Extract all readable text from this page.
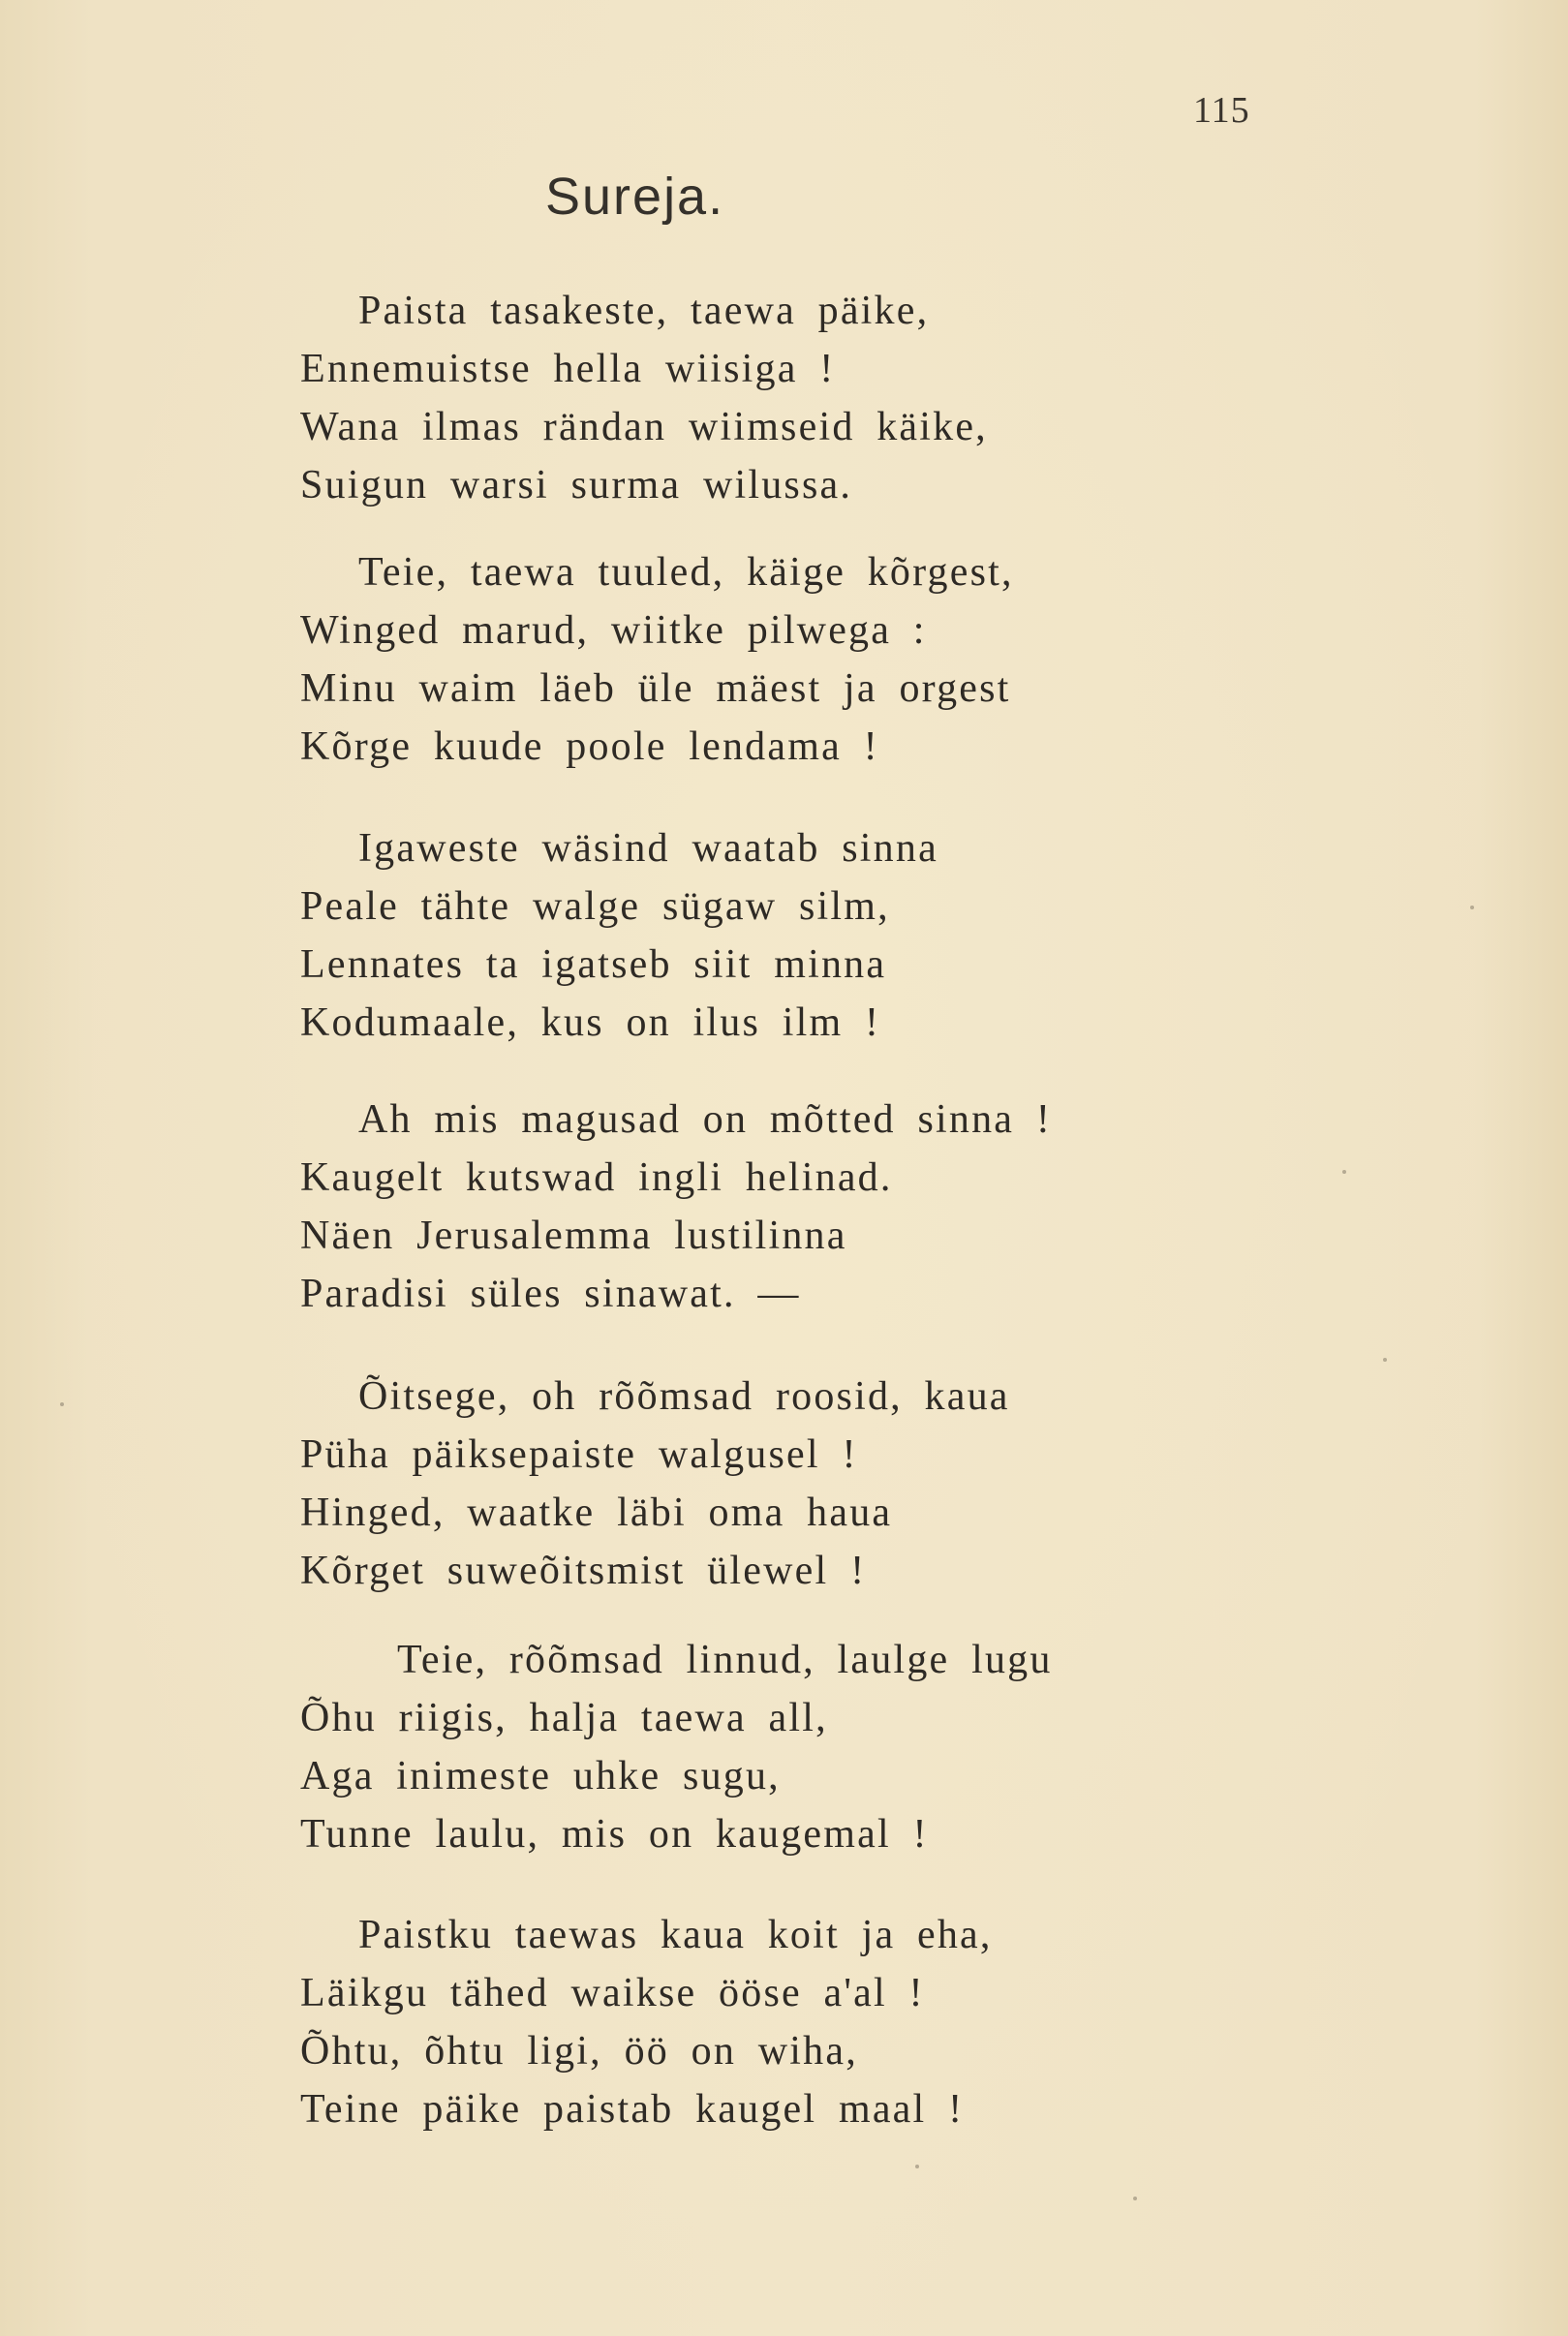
115
Sureja.
Paista tasakeste, taewa päike,
Ennemuistse hella wiisiga !
Wana ilmas rändan wiimseid käike,
Suigun warsi surma wilussa.
Teie, taewa tuuled, käige kõrgest,
Winged marud, wiitke pilwega :
Minu waim läeb üle mäest ja orgest
Kõrge kuude poole lendama !
Igaweste wäsind waatab sinna
Peale tähte walge sügaw silm,
Lennates ta igatseb siit minna
Kodumaale, kus on ilus ilm !
Ah mis magusad on mõtted sinna !
Kaugelt kutswad ingli helinad.
Näen Jerusalemma lustilinna
Paradisi süles sinawat. —
Õitsege, oh rõõmsad roosid, kaua
Püha päiksepaiste walgusel !
Hinged, waatke läbi oma haua
Kõrget suweõitsmist ülewel !
Teie, rõõmsad linnud, laulge lugu
Õhu riigis, halja taewa all,
Aga inimeste uhke sugu,
Tunne laulu, mis on kaugemal !
Paistku taewas kaua koit ja eha,
Läikgu tähed waikse ööse a'al !
Õhtu, õhtu ligi, öö on wiha,
Teine päike paistab kaugel maal !
